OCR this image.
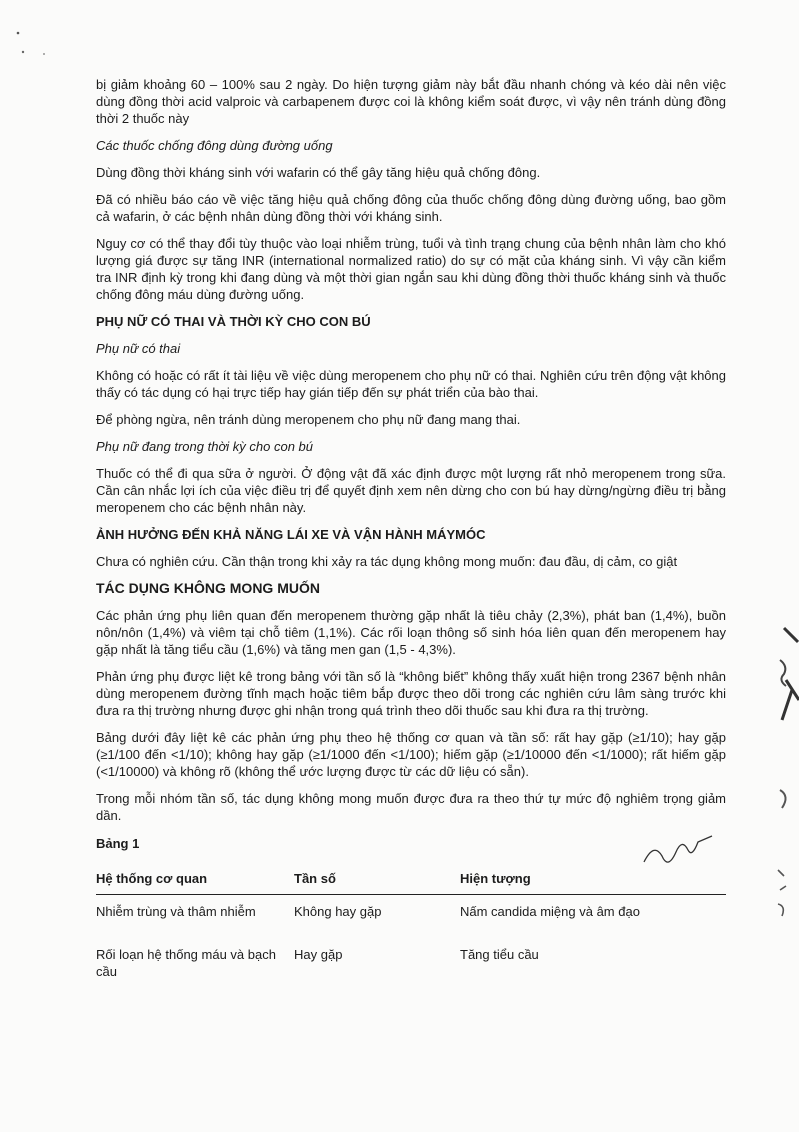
bị giảm khoảng 60 – 100% sau 2 ngày. Do hiện tượng giảm này bắt đầu nhanh chóng và kéo dài nên việc dùng đồng thời acid valproic và carbapenem được coi là không kiểm soát được, vì vậy nên tránh dùng đồng thời 2 thuốc này

Các thuốc chống đông dùng đường uống

Dùng đồng thời kháng sinh với wafarin có thể gây tăng hiệu quả chống đông.

Đã có nhiều báo cáo về việc tăng hiệu quả chống đông của thuốc chống đông dùng đường uống, bao gồm cả wafarin, ở các bệnh nhân dùng đồng thời với kháng sinh.

Nguy cơ có thể thay đổi tùy thuộc vào loại nhiễm trùng, tuổi và tình trạng chung của bệnh nhân làm cho khó lượng giá được sự tăng INR (international normalized ratio) do sự có mặt của kháng sinh. Vì vậy cần kiểm tra INR định kỳ trong khi đang dùng và một thời gian ngắn sau khi dùng đồng thời thuốc kháng sinh và thuốc chống đông máu dùng đường uống.

PHỤ NỮ CÓ THAI VÀ THỜI KỲ CHO CON BÚ

Phụ nữ có thai

Không có hoặc có rất ít tài liệu về việc dùng meropenem cho phụ nữ có thai. Nghiên cứu trên động vật không thấy có tác dụng có hại trực tiếp hay gián tiếp đến sự phát triển của bào thai.

Để phòng ngừa, nên tránh dùng meropenem cho phụ nữ đang mang thai.

Phụ nữ đang trong thời kỳ cho con bú

Thuốc có thể đi qua sữa ở người. Ở động vật đã xác định được một lượng rất nhỏ meropenem trong sữa. Cần cân nhắc lợi ích của việc điều trị để quyết định xem nên dừng cho con bú hay dừng/ngừng điều trị bằng meropenem cho các bệnh nhân này.

ẢNH HƯỞNG ĐẾN KHẢ NĂNG LÁI XE VÀ VẬN HÀNH MÁYMÓC

Chưa có nghiên cứu. Cần thận trong khi xảy ra tác dụng không mong muốn: đau đầu, dị cảm, co giật

TÁC DỤNG KHÔNG MONG MUỐN

Các phản ứng phụ liên quan đến meropenem thường gặp nhất là tiêu chảy (2,3%), phát ban (1,4%), buồn nôn/nôn (1,4%) và viêm tại chỗ tiêm (1,1%). Các rối loạn thông số sinh hóa liên quan đến meropenem hay gặp nhất là tăng tiểu cầu (1,6%) và tăng men gan (1,5 - 4,3%).

Phản ứng phụ được liệt kê trong bảng với tần số là “không biết” không thấy xuất hiện trong 2367 bệnh nhân dùng meropenem đường tĩnh mạch hoặc tiêm bắp được theo dõi trong các nghiên cứu lâm sàng trước khi đưa ra thị trường nhưng được ghi nhận trong quá trình theo dõi thuốc sau khi đưa ra thị trường.

Bảng dưới đây liệt kê các phản ứng phụ theo hệ thống cơ quan và tần số: rất hay gặp (≥1/10); hay gặp (≥1/100 đến <1/10); không hay gặp (≥1/1000 đến <1/100); hiếm gặp (≥1/10000 đến <1/1000); rất hiếm gặp (<1/10000) và không rõ (không thể ước lượng được từ các dữ liệu có sẵn).

Trong mỗi nhóm tần số, tác dụng không mong muốn được đưa ra theo thứ tự mức độ nghiêm trọng giảm dần.

Bảng 1
Hệ thống cơ quan	Tần số	Hiện tượng
Nhiễm trùng và thâm nhiễm	Không hay gặp	Nấm candida miệng và âm đạo
Rối loạn hệ thống máu và bạch cầu	Hay gặp	Tăng tiểu cầu
